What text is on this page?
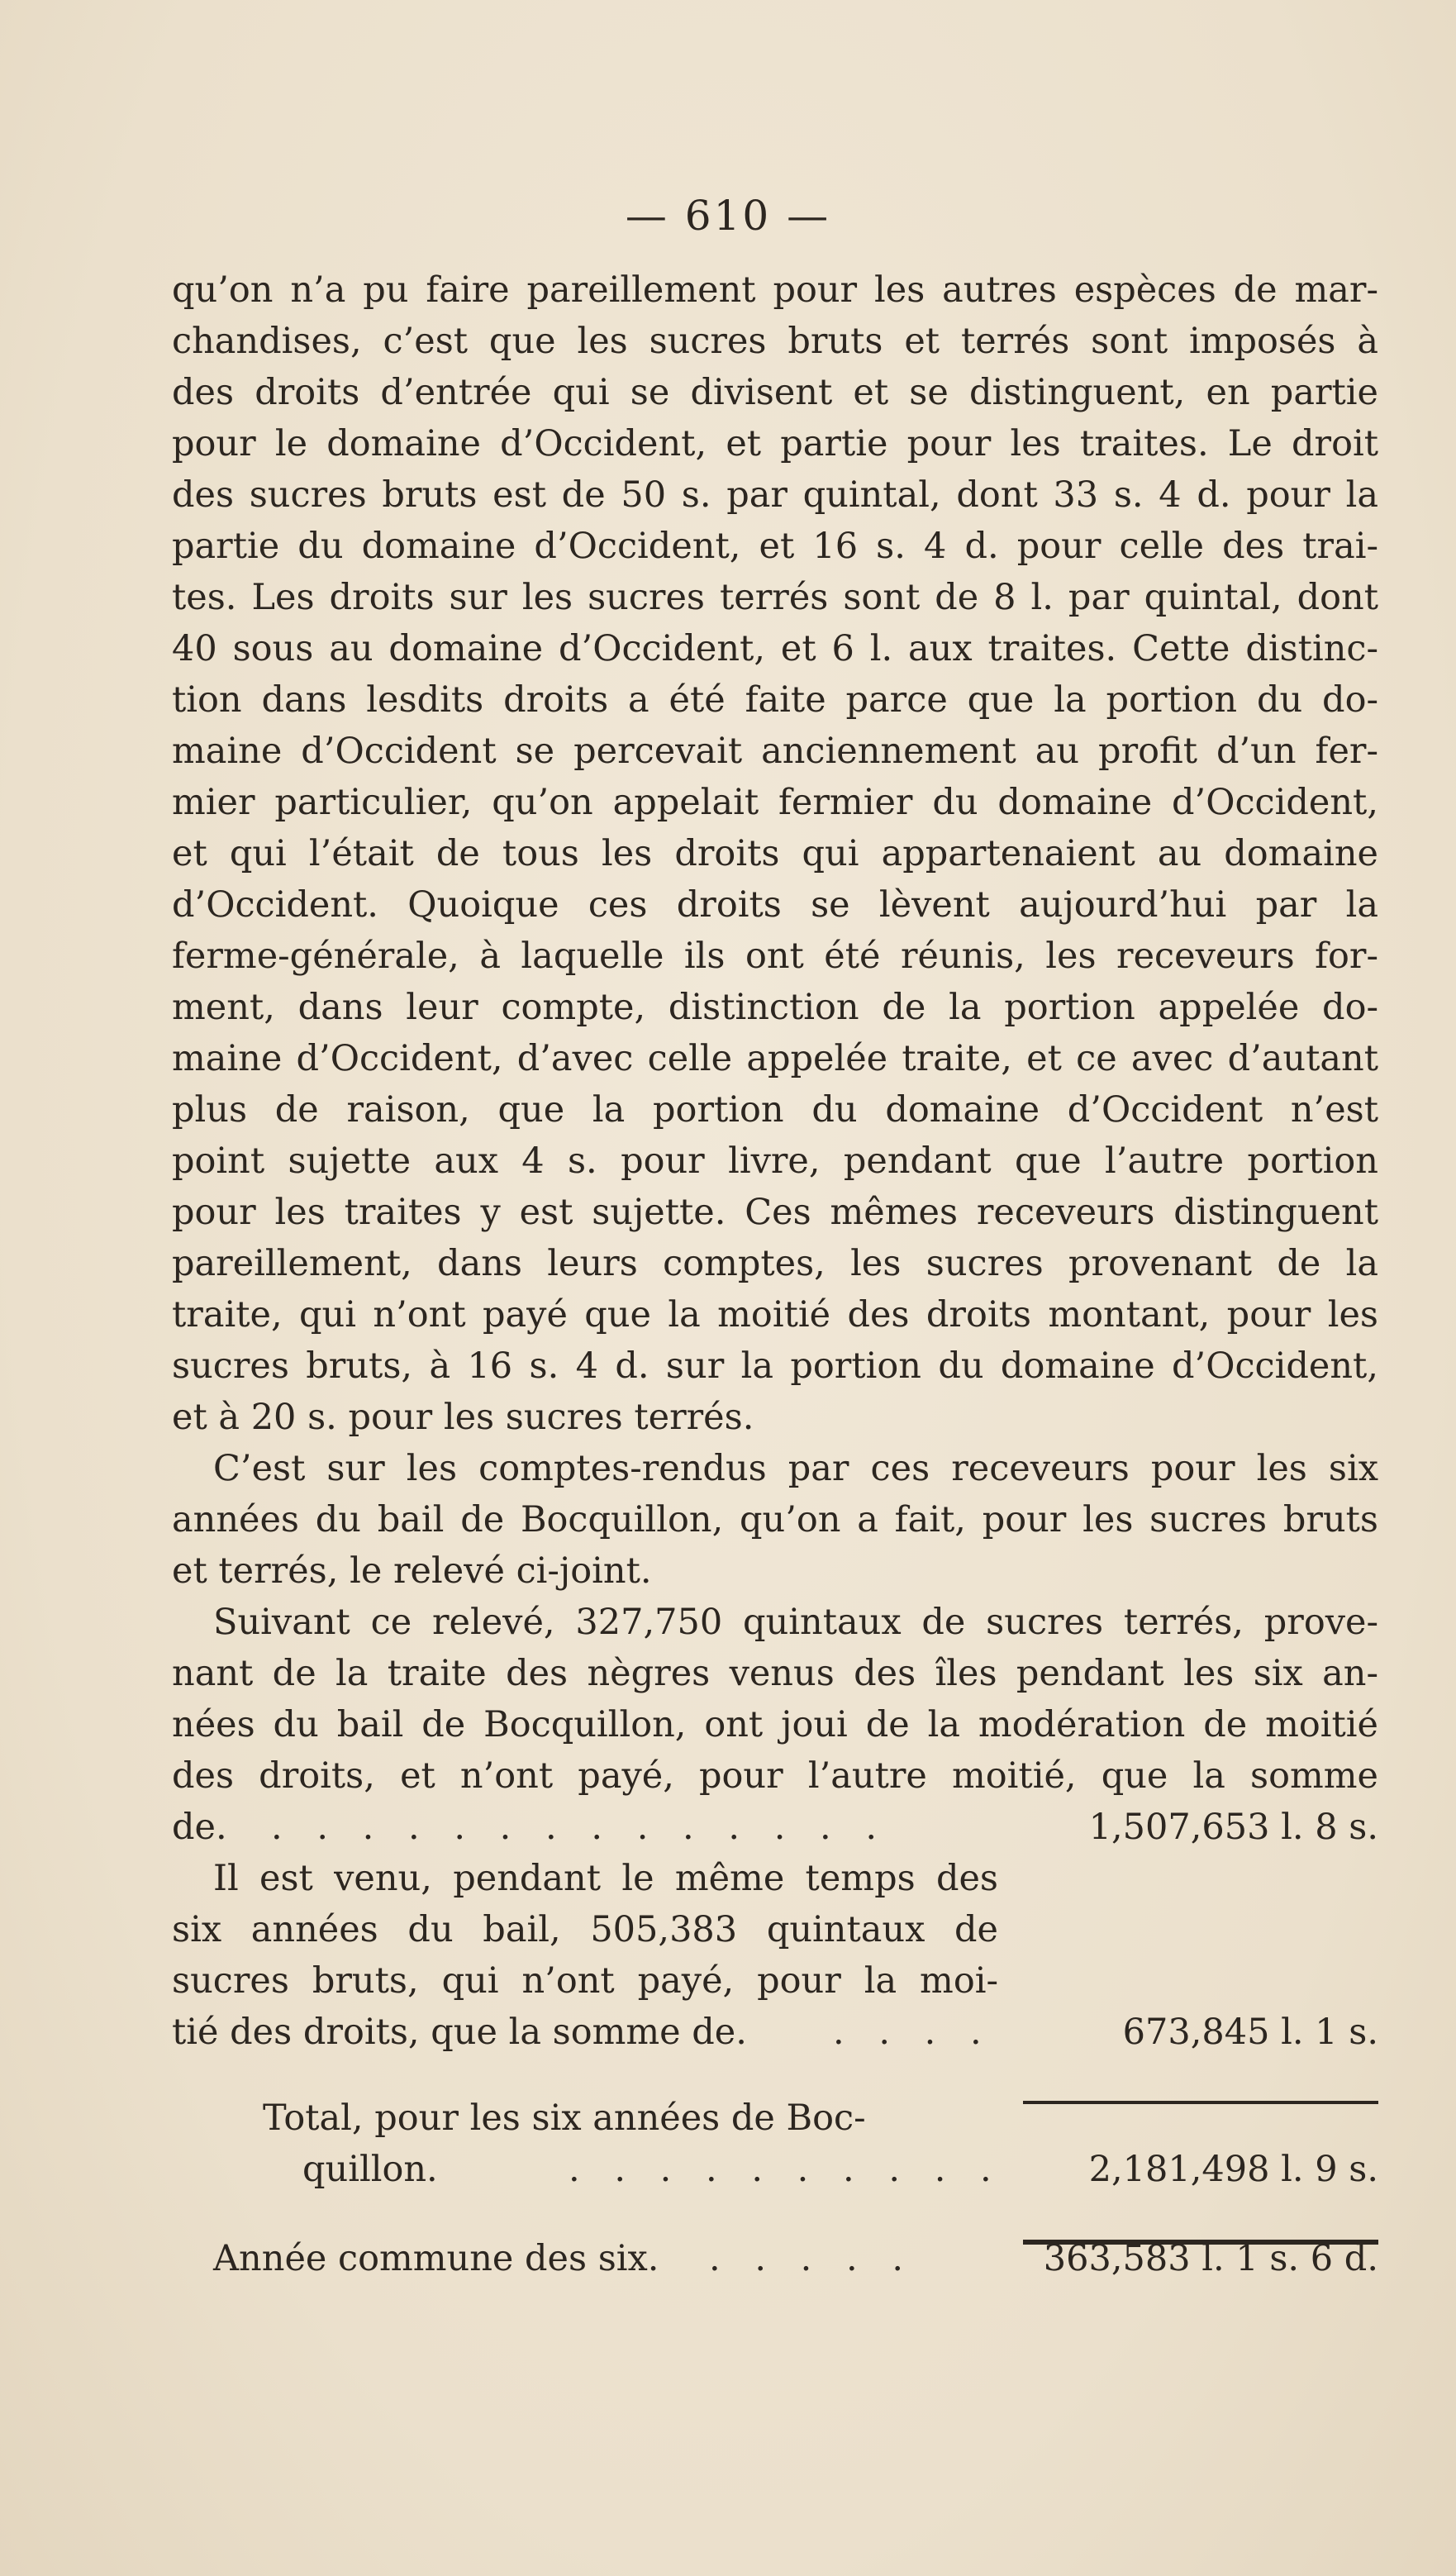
— 610 —

qu’on n’a pu faire pareillement pour les autres espèces de mar-
chandises, c’est que les sucres bruts et terrés sont imposés à
des droits d’entrée qui se divisent et se distinguent, en partie
pour le domaine d’Occident, et partie pour les traites. Le droit
des sucres bruts est de 50 s. par quintal, dont 33 s. 4 d. pour la
partie du domaine d’Occident, et 16 s. 4 d. pour celle des trai-
tes. Les droits sur les sucres terrés sont de 8 l. par quintal, dont
40 sous au domaine d’Occident, et 6 l. aux traites. Cette distinc-
tion dans lesdits droits a été faite parce que la portion du do-
maine d’Occident se percevait anciennement au profit d’un fer-
mier particulier, qu’on appelait fermier du domaine d’Occident,
et qui l’était de tous les droits qui appartenaient au domaine
d’Occident. Quoique ces droits se lèvent aujourd’hui par la
ferme-générale, à laquelle ils ont été réunis, les receveurs for-
ment, dans leur compte, distinction de la portion appelée do-
maine d’Occident, d’avec celle appelée traite, et ce avec d’autant
plus de raison, que la portion du domaine d’Occident n’est
point sujette aux 4 s. pour livre, pendant que l’autre portion
pour les traites y est sujette. Ces mêmes receveurs distinguent
pareillement, dans leurs comptes, les sucres provenant de la
traite, qui n’ont payé que la moitié des droits montant, pour les
sucres bruts, à 16 s. 4 d. sur la portion du domaine d’Occident,
et à 20 s. pour les sucres terrés.

C’est sur les comptes-rendus par ces receveurs pour les six
années du bail de Bocquillon, qu’on a fait, pour les sucres bruts
et terrés, le relevé ci-joint.

Suivant ce relevé, 327,750 quintaux de sucres terrés, prove-
nant de la traite des nègres venus des îles pendant les six an-
nées du bail de Bocquillon, ont joui de la modération de moitié
des droits, et n’ont payé, pour l’autre moitié, que la somme

de. . . . . . . . . . . . . . .	1,507,653 l. 8 s.

Il est venu, pendant le même temps des
six années du bail, 505,383 quintaux de
sucres bruts, qui n’ont payé, pour la moi-

tié des droits, que la somme de. . . . .	673,845 l. 1 s.
Total, pour les six années de Boc-
quillon.	. . . . . . . . . . 2,181,498 l. 9 s.
Année commune des six. . . . . .	363,583 l. 1 s. 6 d.
